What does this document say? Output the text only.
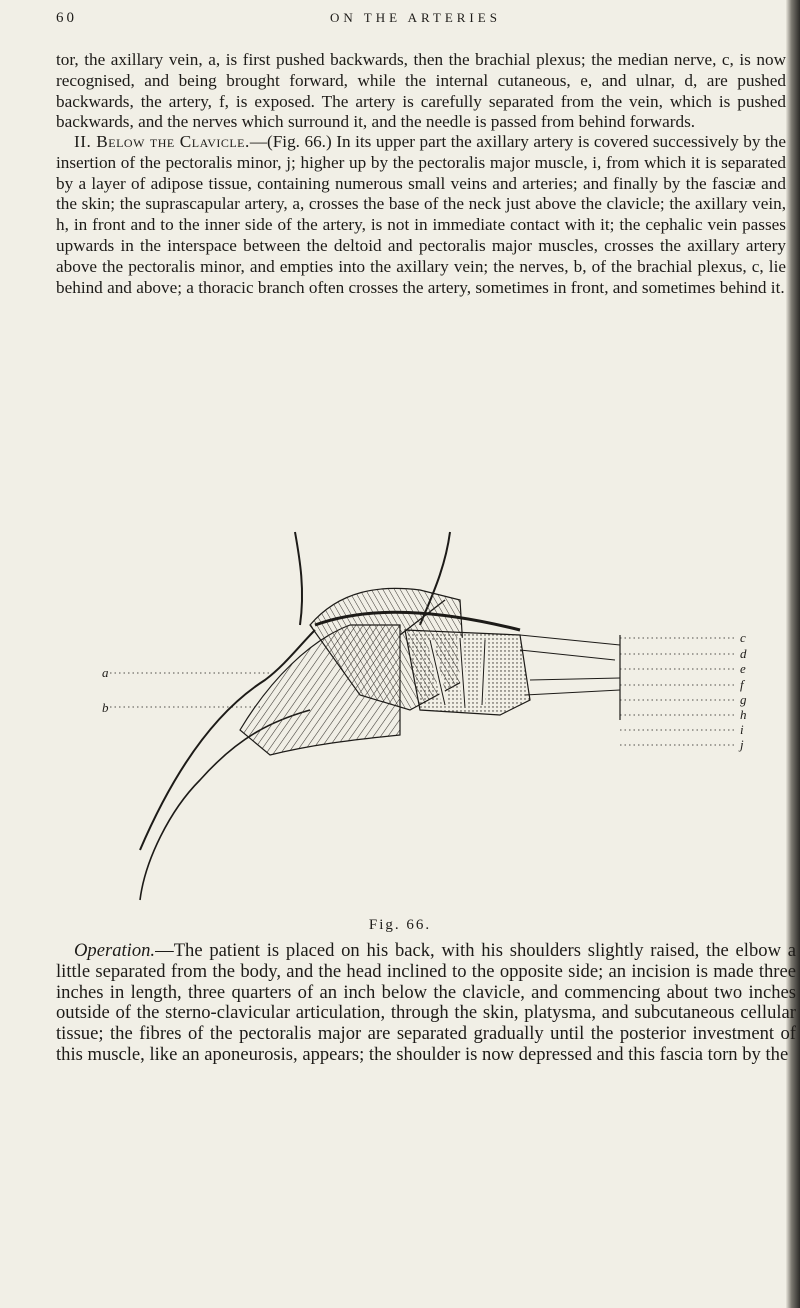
60	ON THE ARTERIES

tor, the axillary vein, a, is first pushed backwards, then the brachial plexus; the median nerve, c, is now recognised, and being brought forward, while the internal cutaneous, e, and ulnar, d, are pushed backwards, the artery, f, is exposed. The artery is carefully separated from the vein, which is pushed backwards, and the nerves which surround it, and the needle is passed from behind forwards.

II. Below the Clavicle.—(Fig. 66.) In its upper part the axillary artery is covered successively by the insertion of the pectoralis minor, j; higher up by the pectoralis major muscle, i, from which it is separated by a layer of adipose tissue, containing numerous small veins and arteries; and finally by the fasciæ and the skin; the suprascapular artery, a, crosses the base of the neck just above the clavicle; the axillary vein, h, in front and to the inner side of the artery, is not in immediate contact with it; the cephalic vein passes upwards in the interspace between the deltoid and pectoralis major muscles, crosses the axillary artery above the pectoralis minor, and empties into the axillary vein; the nerves, b, of the brachial plexus, c, lie behind and above; a thoracic branch often crosses the artery, sometimes in front, and sometimes behind it.

a
b
c
d
e
f
g
h
i
j
Fig. 66.

Operation.—The patient is placed on his back, with his shoulders slightly raised, the elbow a little separated from the body, and the head inclined to the opposite side; an incision is made three inches in length, three quarters of an inch below the clavicle, and commencing about two inches outside of the sterno-clavicular articulation, through the skin, platysma, and subcutaneous cellular tissue; the fibres of the pectoralis major are separated gradually until the posterior investment of this muscle, like an aponeurosis, appears; the shoulder is now depressed and this fascia torn by the
